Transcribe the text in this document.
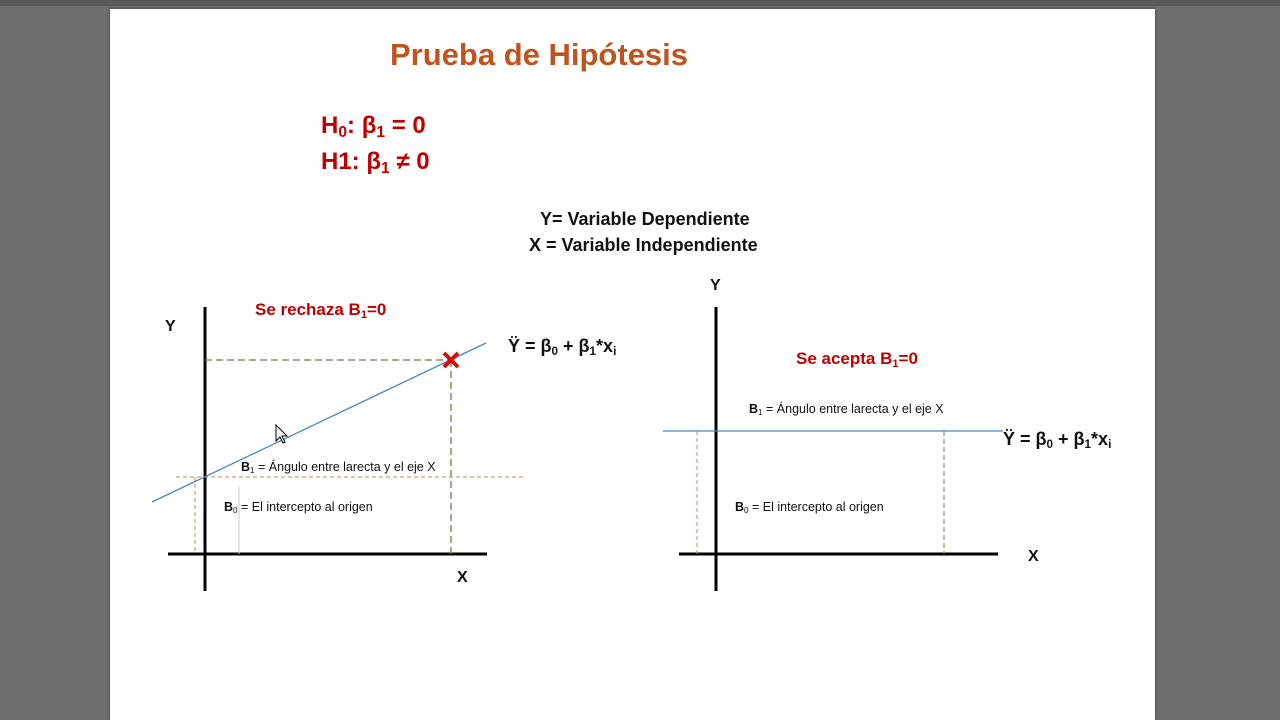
Prueba de Hipótesis
$H_0$: $\beta_1 = 0$
H1: $\beta_1 \ne 0$
Y= Variable Dependiente
X = Variable Independiente
Y
X
Se rechaza $B_1=0$
Ÿ = $\beta_0 + \beta_1*x_i$
$B_1$ = Ángulo entre larecta y el eje X
$B_0 = El$ intercepto al origen
Y
X
Se acepta $B_1=0$
Ÿ = $\beta_0 + \beta_1*x_i$
$B_1$ = Ángulo entre larecta y el eje X
$B_0 = El$ intercepto al origen
